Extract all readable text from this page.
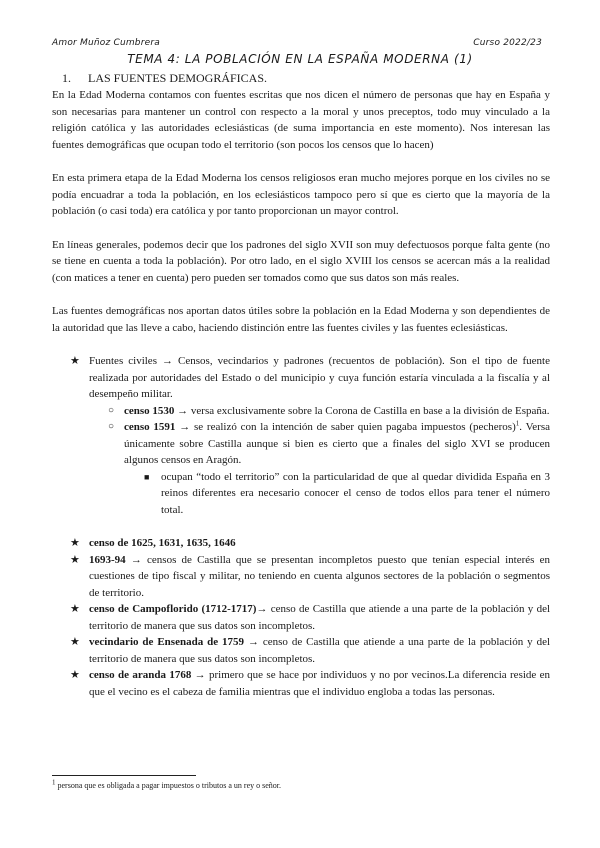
Amor Muñoz Cumbrera	Curso 2022/23
TEMA 4: LA POBLACIÓN EN LA ESPAÑA MODERNA (1)
1. LAS FUENTES DEMOGRÁFICAS.

En la Edad Moderna contamos con fuentes escritas que nos dicen el número de personas que hay en España y son necesarias para mantener un control con respecto a la moral y unos preceptos, todo muy vinculado a la religión católica y las autoridades eclesiásticas (de suma importancia en este momento). Nos interesan las fuentes demográficas que ocupan todo el territorio (son pocos los censos que lo hacen)

En esta primera etapa de la Edad Moderna los censos religiosos eran mucho mejores porque en los civiles no se podía encuadrar a toda la población, en los eclesiásticos tampoco pero sí que es cierto que la mayoría de la población (o casi toda) era católica y por tanto proporcionan un mayor control.

En líneas generales, podemos decir que los padrones del siglo XVII son muy defectuosos porque falta gente (no se tiene en cuenta a toda la población). Por otro lado, en el siglo XVIII los censos se acercan más a la realidad (con matices a tener en cuenta) pero pueden ser tomados como que sus datos son más reales.

Las fuentes demográficas nos aportan datos útiles sobre la población en la Edad Moderna y son dependientes de la autoridad que las lleve a cabo, haciendo distinción entre las fuentes civiles y las fuentes eclesiásticas.

★ Fuentes civiles → Censos, vecindarios y padrones (recuentos de población). Son el tipo de fuente realizada por autoridades del Estado o del municipio y cuya función estaría vinculada a la fiscalía y al desempeño militar.
○ censo 1530 → versa exclusivamente sobre la Corona de Castilla en base a la división de España.
○ censo 1591 → se realizó con la intención de saber quien pagaba impuestos (pecheros)$^1$. Versa únicamente sobre Castilla aunque si bien es cierto que a finales del siglo XVI se producen algunos censos en Aragón.
■ ocupan “todo el territorio” con la particularidad de que al quedar dividida España en 3 reinos diferentes era necesario conocer el censo de todos ellos para tener el número total.
★ censo de 1625, 1631, 1635, 1646
★ 1693-94 → censos de Castilla que se presentan incompletos puesto que tenían especial interés en cuestiones de tipo fiscal y militar, no teniendo en cuenta algunos sectores de la población o segmentos de territorio.
★ censo de Campoflorido (1712-1717)→ censo de Castilla que atiende a una parte de la población y del territorio de manera que sus datos son incompletos.
★ vecindario de Ensenada de 1759 → censo de Castilla que atiende a una parte de la población y del territorio de manera que sus datos son incompletos.
★ censo de aranda 1768 → primero que se hace por individuos y no por vecinos.La diferencia reside en que el vecino es el cabeza de familia mientras que el individuo engloba a todas las personas.
1 persona que es obligada a pagar impuestos o tributos a un rey o señor.
